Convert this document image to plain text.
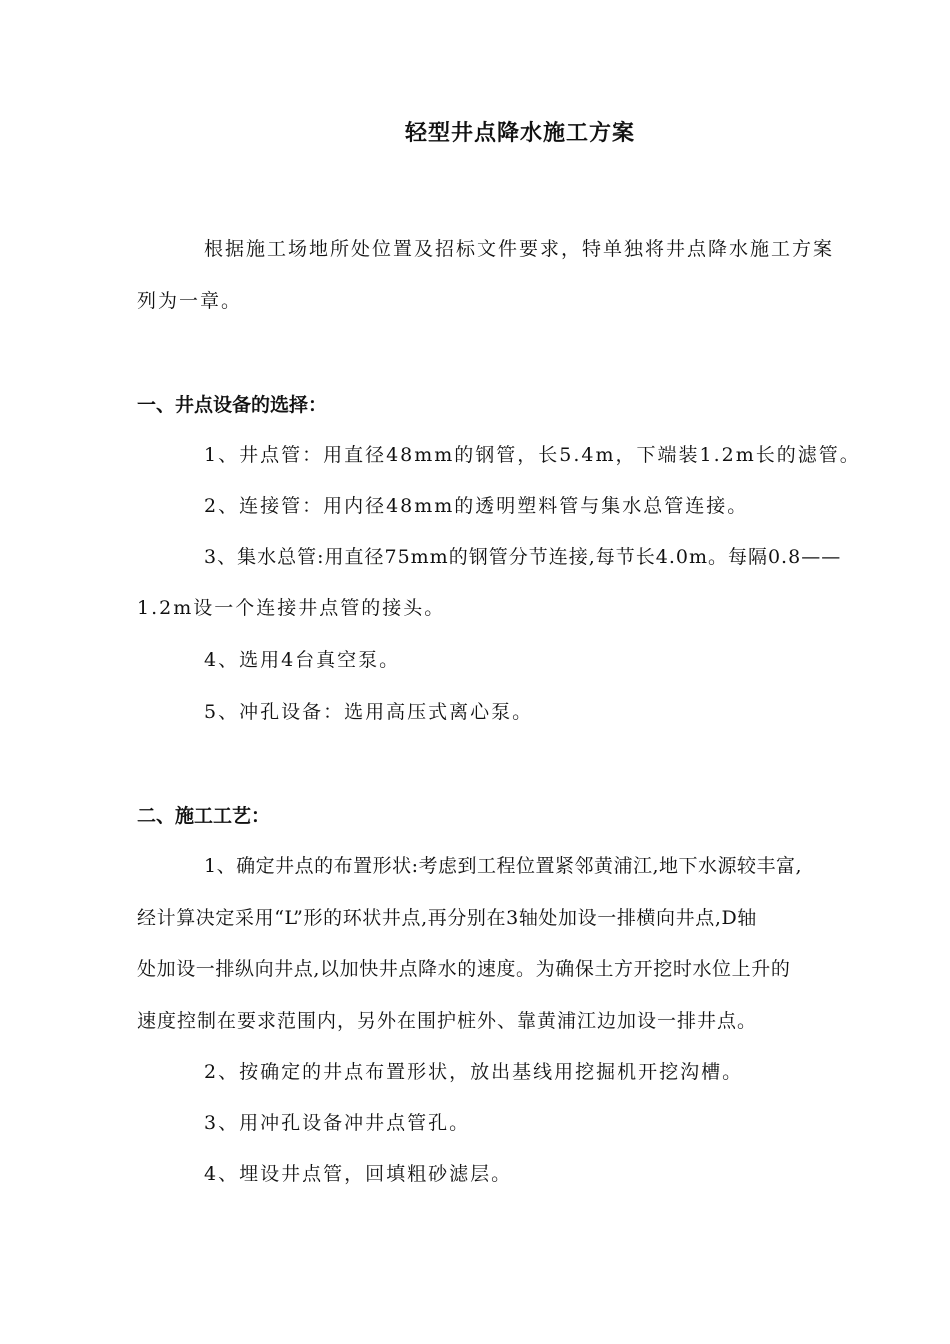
轻型井点降水施工方案
根据施工场地所处位置及招标文件要求，特单独将井点降水施工方案
列为一章。
一、井点设备的选择：
1、井点管：用直径48mm的钢管，长5.4m，下端装1.2m长的滤管。
2、连接管：用内径48mm的透明塑料管与集水总管连接。
3、集水总管:用直径75mm的钢管分节连接,每节长4.0m。每隔0.8——
1.2m设一个连接井点管的接头。
4、选用4台真空泵。
5、冲孔设备：选用高压式离心泵。
二、施工工艺：
1、确定井点的布置形状:考虑到工程位置紧邻黄浦江,地下水源较丰富,
经计算决定采用“L”形的环状井点,再分别在3轴处加设一排横向井点,D轴
处加设一排纵向井点,以加快井点降水的速度。为确保土方开挖时水位上升的
速度控制在要求范围内，另外在围护桩外、靠黄浦江边加设一排井点。
2、按确定的井点布置形状，放出基线用挖掘机开挖沟槽。
3、用冲孔设备冲井点管孔。
4、埋设井点管，回填粗砂滤层。
